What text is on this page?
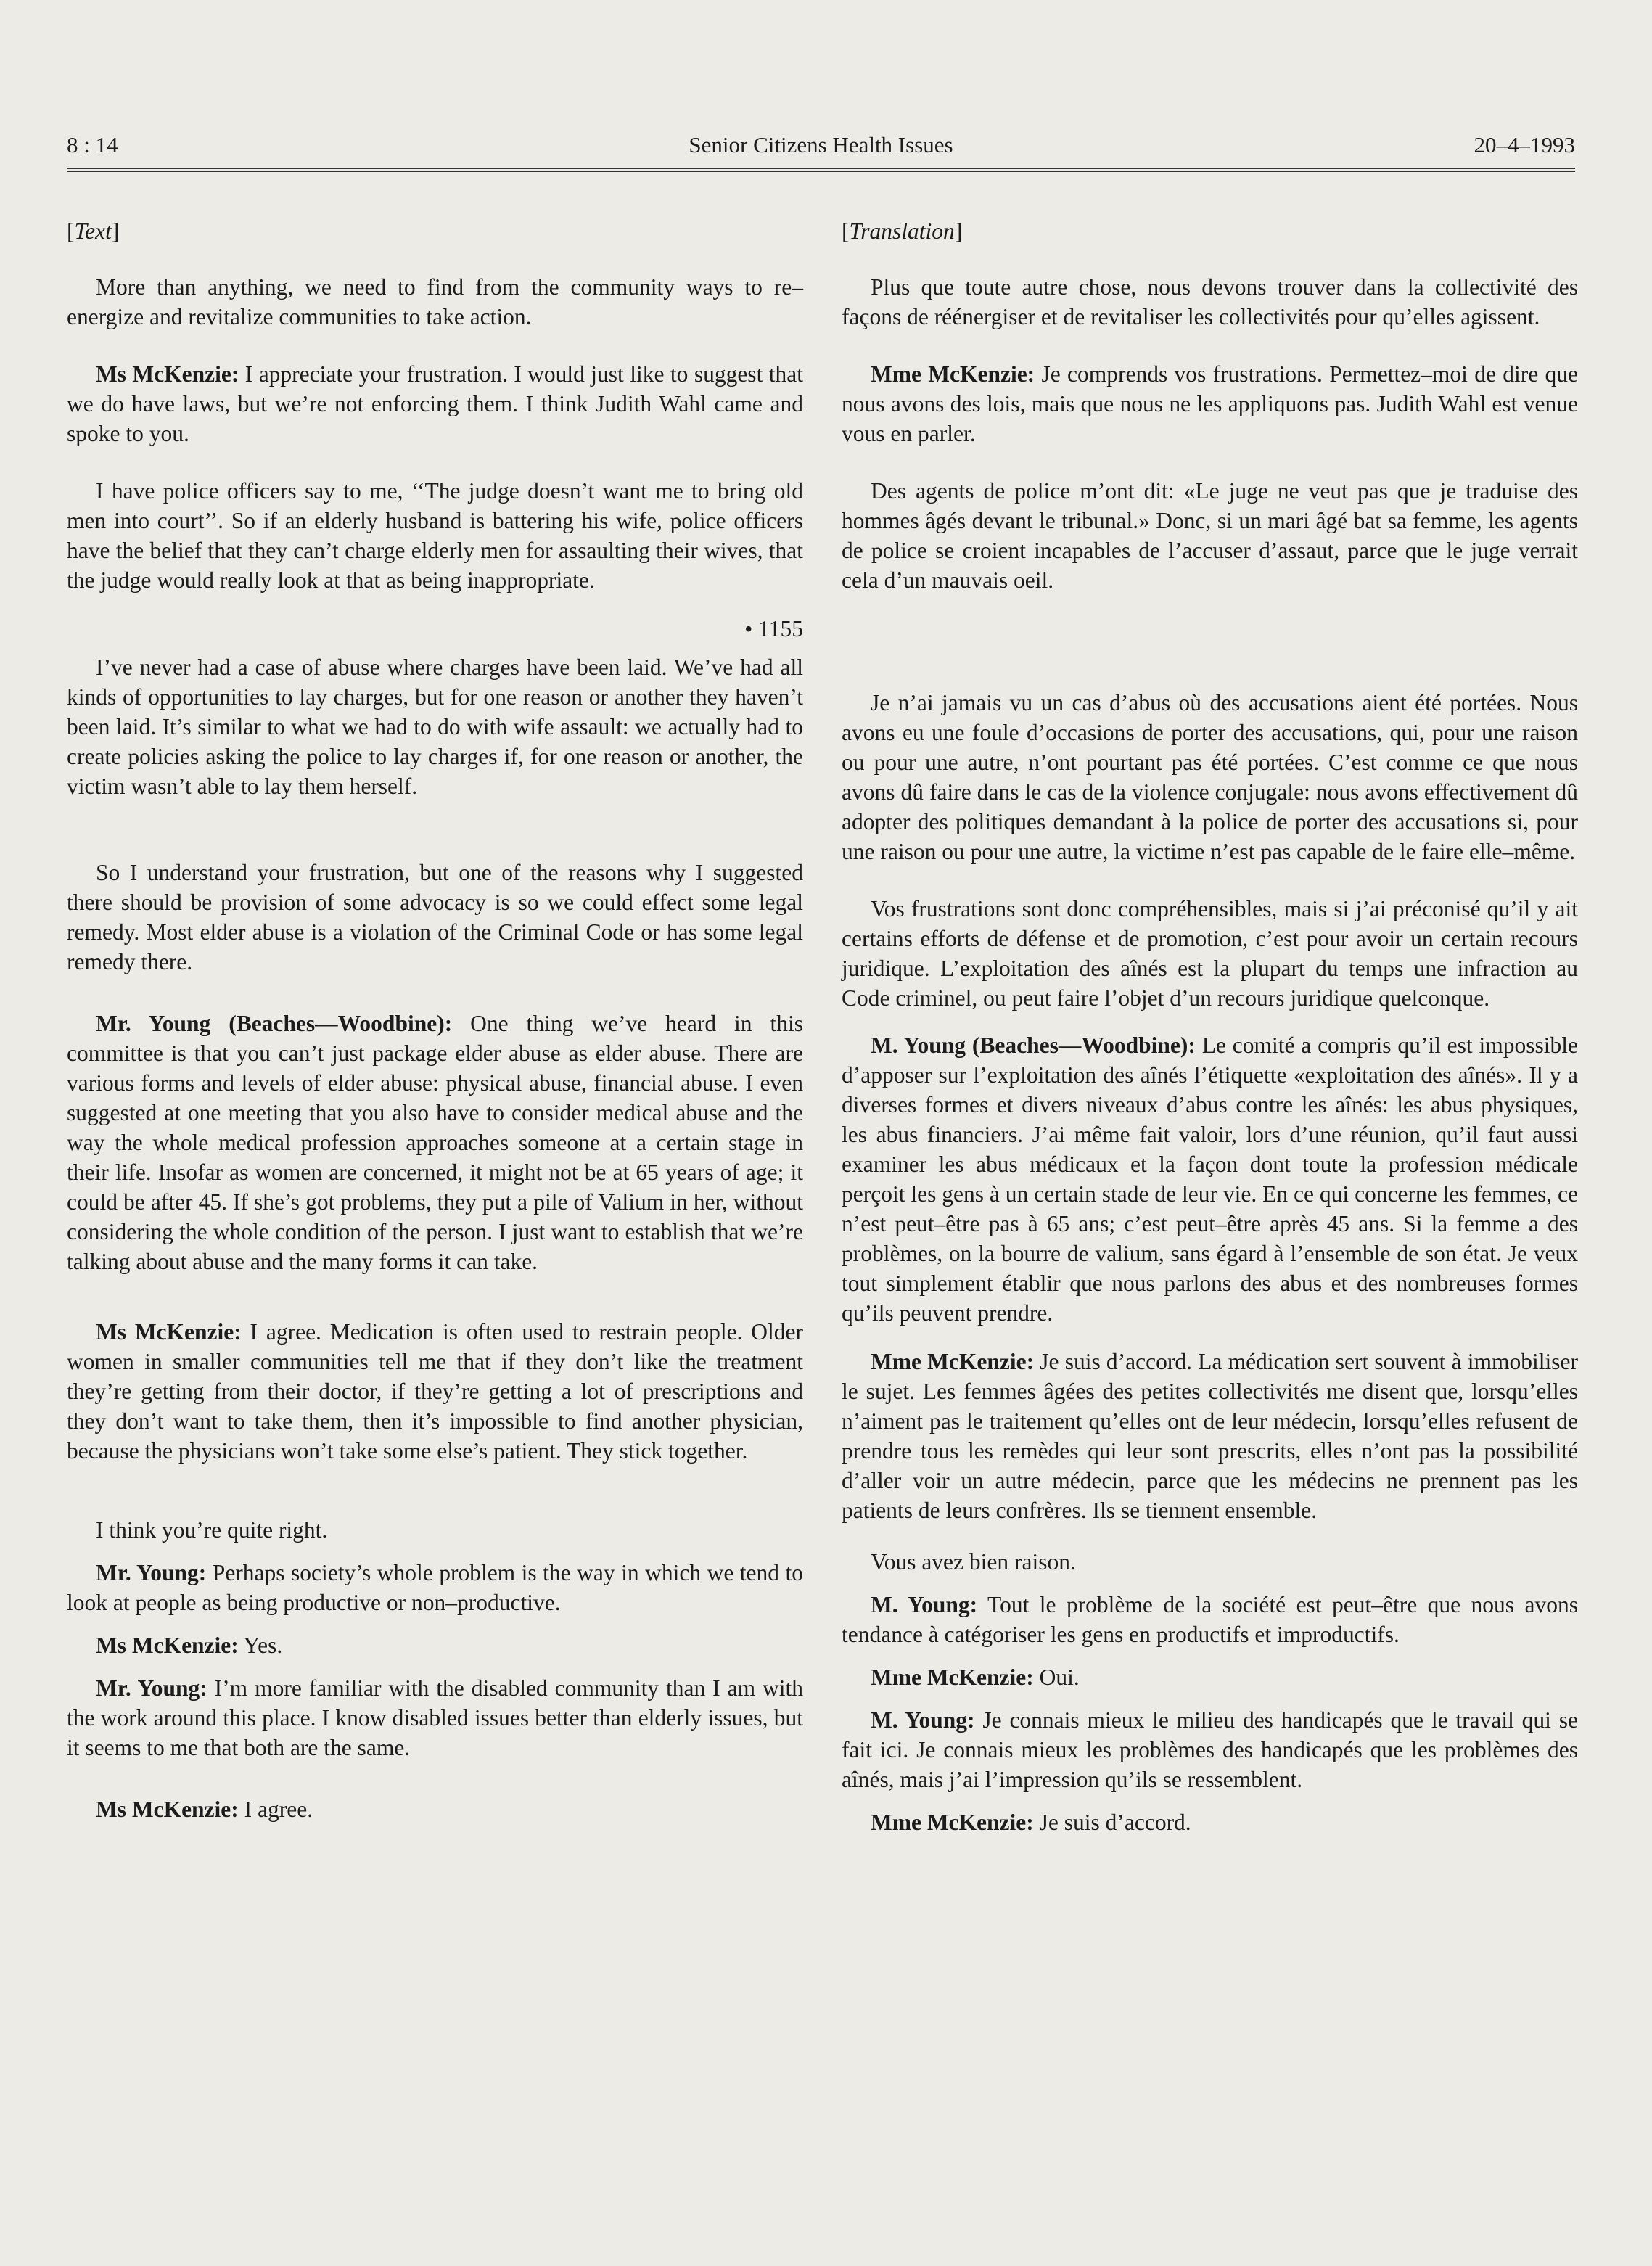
8 : 14	Senior Citizens Health Issues	20–4–1993
[Text]
More than anything, we need to find from the community ways to re–energize and revitalize communities to take action.
Ms McKenzie: I appreciate your frustration. I would just like to suggest that we do have laws, but we’re not enforcing them. I think Judith Wahl came and spoke to you.
I have police officers say to me, ‘‘The judge doesn’t want me to bring old men into court’’. So if an elderly husband is battering his wife, police officers have the belief that they can’t charge elderly men for assaulting their wives, that the judge would really look at that as being inappropriate.
• 1155
I’ve never had a case of abuse where charges have been laid. We’ve had all kinds of opportunities to lay charges, but for one reason or another they haven’t been laid. It’s similar to what we had to do with wife assault: we actually had to create policies asking the police to lay charges if, for one reason or another, the victim wasn’t able to lay them herself.
So I understand your frustration, but one of the reasons why I suggested there should be provision of some advocacy is so we could effect some legal remedy. Most elder abuse is a violation of the Criminal Code or has some legal remedy there.
Mr. Young (Beaches—Woodbine): One thing we’ve heard in this committee is that you can’t just package elder abuse as elder abuse. There are various forms and levels of elder abuse: physical abuse, financial abuse. I even suggested at one meeting that you also have to consider medical abuse and the way the whole medical profession approaches someone at a certain stage in their life. Insofar as women are concerned, it might not be at 65 years of age; it could be after 45. If she’s got problems, they put a pile of Valium in her, without considering the whole condition of the person. I just want to establish that we’re talking about abuse and the many forms it can take.
Ms McKenzie: I agree. Medication is often used to restrain people. Older women in smaller communities tell me that if they don’t like the treatment they’re getting from their doctor, if they’re getting a lot of prescriptions and they don’t want to take them, then it’s impossible to find another physician, because the physicians won’t take some else’s patient. They stick together.
I think you’re quite right.
Mr. Young: Perhaps society’s whole problem is the way in which we tend to look at people as being productive or non–productive.
Ms McKenzie: Yes.
Mr. Young: I’m more familiar with the disabled community than I am with the work around this place. I know disabled issues better than elderly issues, but it seems to me that both are the same.
Ms McKenzie: I agree.
[Translation]
Plus que toute autre chose, nous devons trouver dans la collectivité des façons de réénergiser et de revitaliser les collectivités pour qu’elles agissent.
Mme McKenzie: Je comprends vos frustrations. Permettez–moi de dire que nous avons des lois, mais que nous ne les appliquons pas. Judith Wahl est venue vous en parler.
Des agents de police m’ont dit: «Le juge ne veut pas que je traduise des hommes âgés devant le tribunal.» Donc, si un mari âgé bat sa femme, les agents de police se croient incapables de l’accuser d’assaut, parce que le juge verrait cela d’un mauvais oeil.
Je n’ai jamais vu un cas d’abus où des accusations aient été portées. Nous avons eu une foule d’occasions de porter des accusations, qui, pour une raison ou pour une autre, n’ont pourtant pas été portées. C’est comme ce que nous avons dû faire dans le cas de la violence conjugale: nous avons effectivement dû adopter des politiques demandant à la police de porter des accusations si, pour une raison ou pour une autre, la victime n’est pas capable de le faire elle–même.
Vos frustrations sont donc compréhensibles, mais si j’ai préconisé qu’il y ait certains efforts de défense et de promotion, c’est pour avoir un certain recours juridique. L’exploitation des aînés est la plupart du temps une infraction au Code criminel, ou peut faire l’objet d’un recours juridique quelconque.
M. Young (Beaches—Woodbine): Le comité a compris qu’il est impossible d’apposer sur l’exploitation des aînés l’étiquette «exploitation des aînés». Il y a diverses formes et divers niveaux d’abus contre les aînés: les abus physiques, les abus financiers. J’ai même fait valoir, lors d’une réunion, qu’il faut aussi examiner les abus médicaux et la façon dont toute la profession médicale perçoit les gens à un certain stade de leur vie. En ce qui concerne les femmes, ce n’est peut–être pas à 65 ans; c’est peut–être après 45 ans. Si la femme a des problèmes, on la bourre de valium, sans égard à l’ensemble de son état. Je veux tout simplement établir que nous parlons des abus et des nombreuses formes qu’ils peuvent prendre.
Mme McKenzie: Je suis d’accord. La médication sert souvent à immobiliser le sujet. Les femmes âgées des petites collectivités me disent que, lorsqu’elles n’aiment pas le traitement qu’elles ont de leur médecin, lorsqu’elles refusent de prendre tous les remèdes qui leur sont prescrits, elles n’ont pas la possibilité d’aller voir un autre médecin, parce que les médecins ne prennent pas les patients de leurs confrères. Ils se tiennent ensemble.
Vous avez bien raison.
M. Young: Tout le problème de la société est peut–être que nous avons tendance à catégoriser les gens en productifs et improductifs.
Mme McKenzie: Oui.
M. Young: Je connais mieux le milieu des handicapés que le travail qui se fait ici. Je connais mieux les problèmes des handicapés que les problèmes des aînés, mais j’ai l’impression qu’ils se ressemblent.
Mme McKenzie: Je suis d’accord.
